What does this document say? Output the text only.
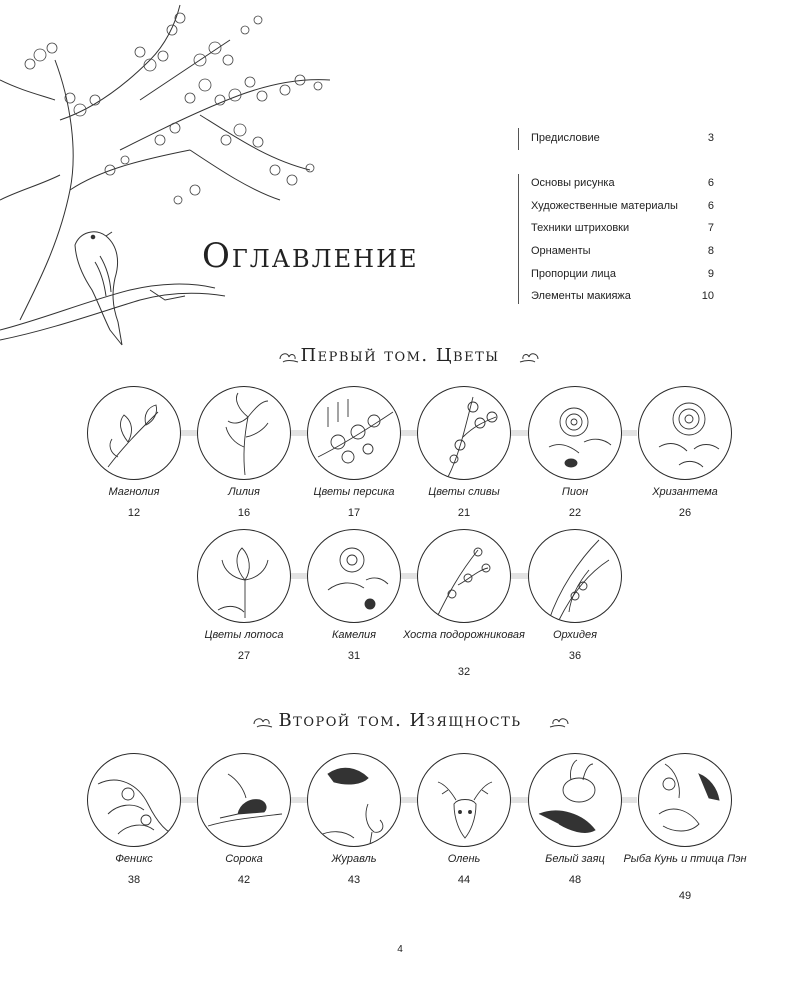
Оглавление
Предисловие	3
Основы рисунка	6
Художественные материалы	6
Техники штриховки	7
Орнаменты	8
Пропорции лица	9
Элементы макияжа	10
Первый том. Цветы
Магнолия
12
Лилия
16
Цветы персика
17
Цветы сливы
21
Пион
22
Хризантема
26
Цветы лотоса
27
Камелия
31
Хоста подорожниковая
32
Орхидея
36
Второй том. Изящность
Феникс
38
Сорока
42
Журавль
43
Олень
44
Белый заяц
48
Рыба Кунь и птица Пэн
49
4
